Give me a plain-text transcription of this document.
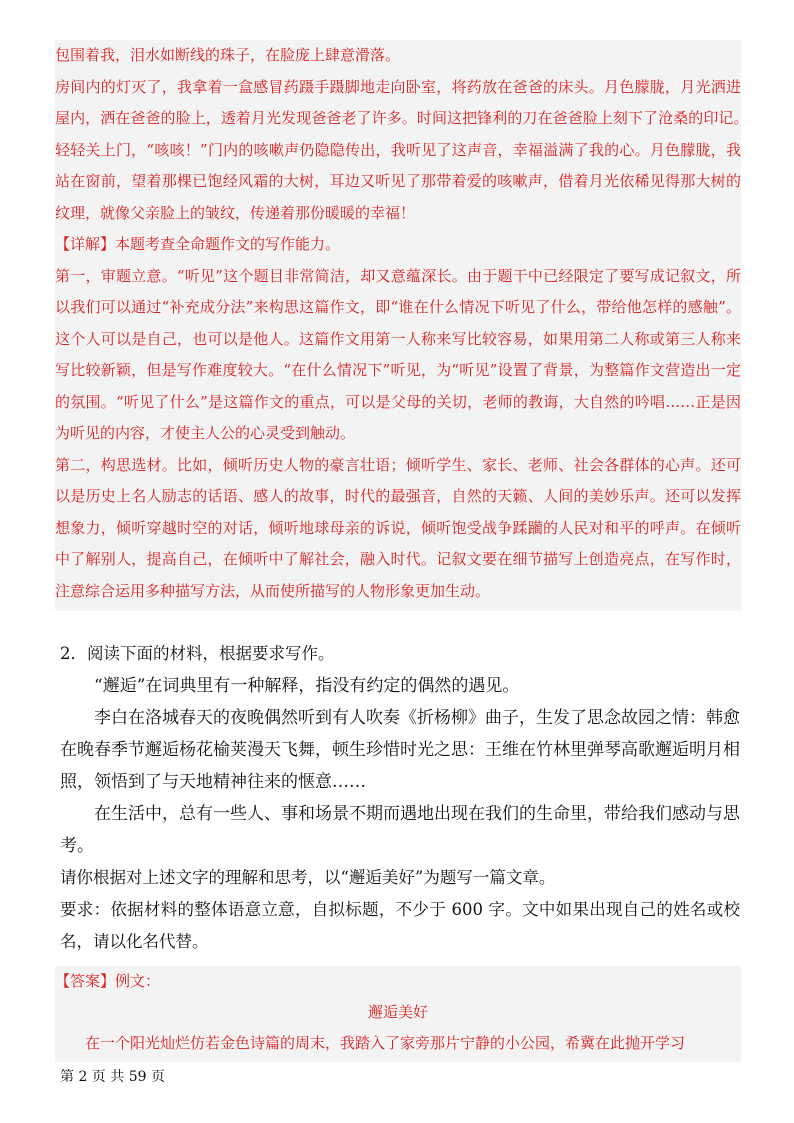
包围着我，泪水如断线的珠子，在脸庞上肆意滑落。

房间内的灯灭了，我拿着一盒感冒药蹑手蹑脚地走向卧室，将药放在爸爸的床头。月色朦胧，月光洒进屋内，洒在爸爸的脸上，透着月光发现爸爸老了许多。时间这把锋利的刀在爸爸脸上刻下了沧桑的印记。　轻轻关上门，“咳咳！”门内的咳嗽声仍隐隐传出，我听见了这声音，幸福溢满了我的心。月色朦胧，我站在窗前，望着那棵已饱经风霜的大树，耳边又听见了那带着爱的咳嗽声，借着月光依稀见得那大树的纹理，就像父亲脸上的皱纹，传递着那份暖暖的幸福！

【详解】本题考查全命题作文的写作能力。

第一，审题立意。“听见”这个题目非常简洁，却又意蕴深长。由于题干中已经限定了要写成记叙文，所以我们可以通过“补充成分法”来构思这篇作文，即“谁在什么情况下听见了什么，带给他怎样的感触”。这个人可以是自己，也可以是他人。这篇作文用第一人称来写比较容易，如果用第二人称或第三人称来写比较新颖，但是写作难度较大。“在什么情况下”听见，为“听见”设置了背景，为整篇作文营造出一定的氛围。“听见了什么”是这篇作文的重点，可以是父母的关切，老师的教诲，大自然的吟唱……正是因为听见的内容，才使主人公的心灵受到触动。

第二，构思选材。比如，倾听历史人物的豪言壮语；倾听学生、家长、老师、社会各群体的心声。还可以是历史上名人励志的话语、感人的故事，时代的最强音，自然的天籁、人间的美妙乐声。还可以发挥想象力，倾听穿越时空的对话，倾听地球母亲的诉说，倾听饱受战争蹂躏的人民对和平的呼声。在倾听中了解别人，提高自己，在倾听中了解社会，融入时代。记叙文要在细节描写上创造亮点，在写作时，注意综合运用多种描写方法，从而使所描写的人物形象更加生动。

2．阅读下面的材料，根据要求写作。

“邂逅”在词典里有一种解释，指没有约定的偶然的遇见。

李白在洛城春天的夜晚偶然听到有人吹奏《折杨柳》曲子，生发了思念故园之情：韩愈在晚春季节邂逅杨花榆荚漫天飞舞，顿生珍惜时光之思：王维在竹林里弹琴高歌邂逅明月相照，领悟到了与天地精神往来的惬意……

在生活中，总有一些人、事和场景不期而遇地出现在我们的生命里，带给我们感动与思考。

请你根据对上述文字的理解和思考，以“邂逅美好”为题写一篇文章。

要求：依据材料的整体语意立意，自拟标题，不少于 600 字。文中如果出现自己的姓名或校名，请以化名代替。

【答案】例文：

邂逅美好

在一个阳光灿烂仿若金色诗篇的周末，我踏入了家旁那片宁静的小公园，希冀在此抛开学习

第 2 页 共 59 页
